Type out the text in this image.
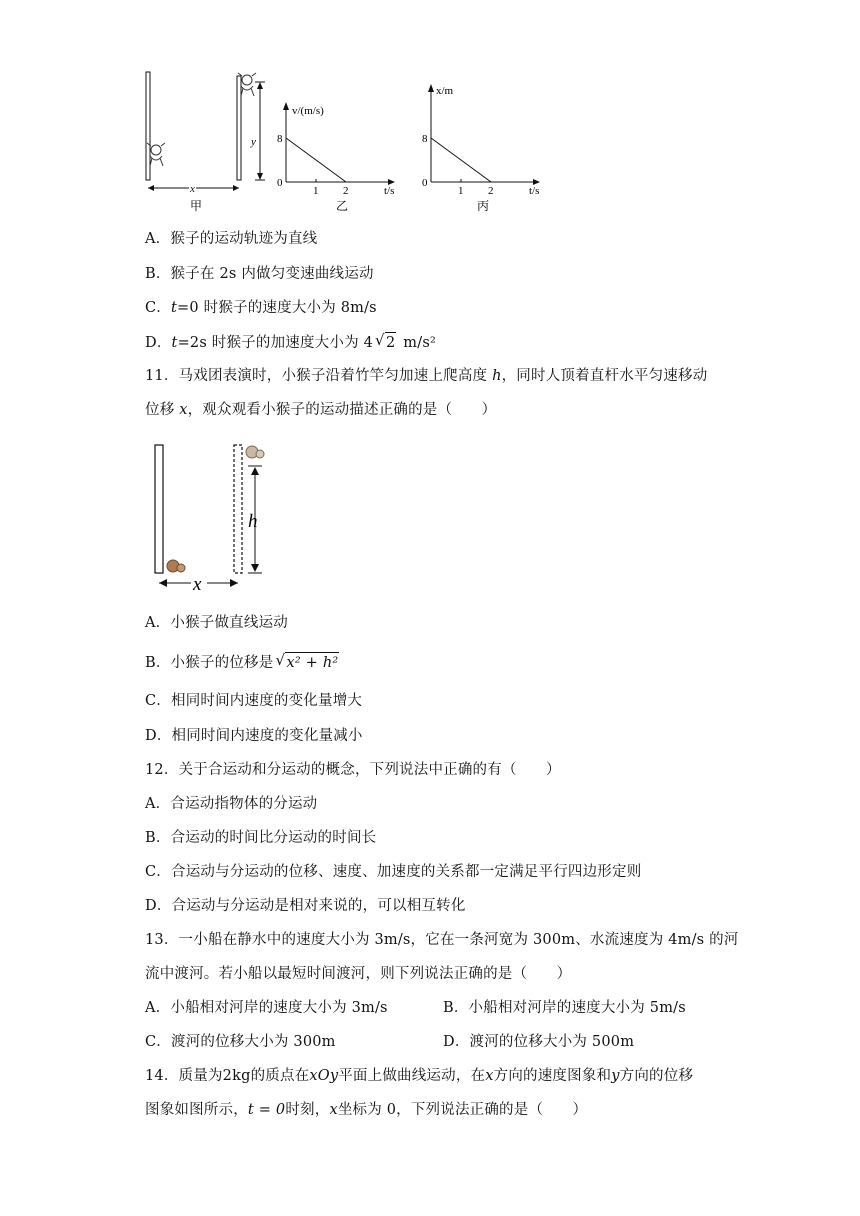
y
x
甲
v/(m/s)
8
0
1 2	t/s
乙
x/m
8
0
1 2	t/s
丙
A．猴子的运动轨迹为直线
B．猴子在 2s 内做匀变速曲线运动
C．t=0 时猴子的速度大小为 8m/s
D．t=2s 时猴子的加速度大小为 4 √ 2 m/s²
11．马戏团表演时，小猴子沿着竹竿匀加速上爬高度 h，同时人顶着直杆水平匀速移动
位移 x，观众观看小猴子的运动描述正确的是（　　）
h
x
A．小猴子做直线运动
B．小猴子的位移是 √ x² + h²
C．相同时间内速度的变化量增大
D．相同时间内速度的变化量减小
12．关于合运动和分运动的概念，下列说法中正确的有（　　）
A．合运动指物体的分运动
B．合运动的时间比分运动的时间长
C．合运动与分运动的位移、速度、加速度的关系都一定满足平行四边形定则
D．合运动与分运动是相对来说的，可以相互转化
13．一小船在静水中的速度大小为 3m/s，它在一条河宽为 300m、水流速度为 4m/s 的河
流中渡河。若小船以最短时间渡河，则下列说法正确的是（　　）
A．小船相对河岸的速度大小为 3m/s	B．小船相对河岸的速度大小为 5m/s
C．渡河的位移大小为 300m	D．渡河的位移大小为 500m
14．质量为2kg的质点在xOy平面上做曲线运动，在x方向的速度图象和y方向的位移
图象如图所示，t = 0时刻，x坐标为 0，下列说法正确的是（　　）
